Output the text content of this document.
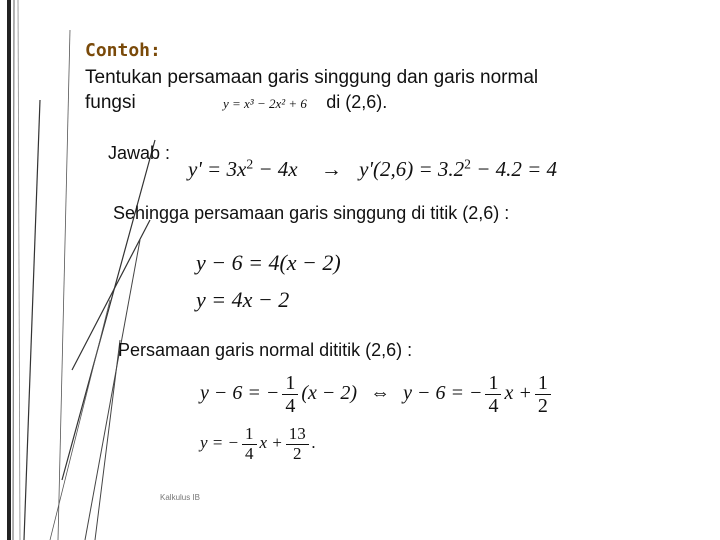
Contoh:
Tentukan persamaan garis singgung dan garis normal
fungsi	y = x³ − 2x² + 6 di (2,6).
Jawab :
$y' = 3x^2 - 4x \to y'(2,6) = 3.2^2 - 4.2 = 4$
Sehingga persamaan garis singgung di titik (2,6) :
y − 6 = 4(x − 2)
y = 4x − 2
Persamaan garis normal dititik (2,6) :
y − 6 = − $\frac{1}{4} (x - 2)$ ⇔ y − 6 = − $\frac{1}{4}$ $x + \frac{1}{2}$
y = − $\frac{1}{4}$ $x + \frac{13}{2}$ .
Kalkulus IB
